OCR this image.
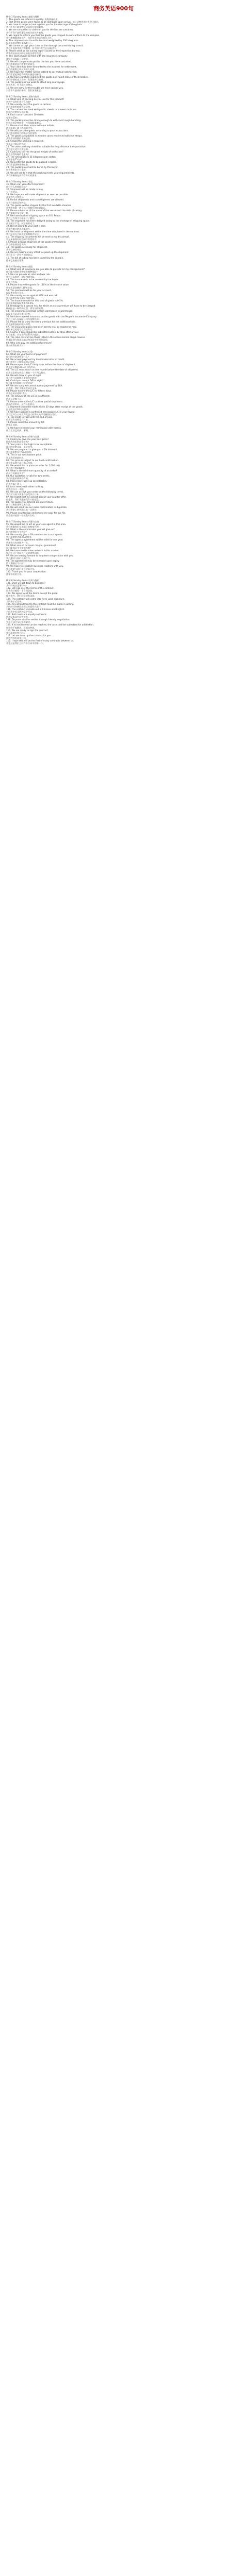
商务英语900句
Unit 1 Sundry items 索赔与理赔
1. The goods are inferior in quality. 货物质量低劣。
2. Part of the goods were found to be damaged upon arrival. 部分货物到达时发现已损坏。
3. We have to lodge a claim against you for the shortage of the goods.
我们不得不就货物短缺向你方提出索赔。
4. We are compelled to claim on you for the loss we sustained.
我们不得不就所遭受的损失向你方索赔。
5. We regret to inform you that the goods you shipped do not conform to the samples.
我们遗憾地通知你方，你们所发的货与样品不符。
6. The shipment was found to be short-weighted by 200 kilograms.
发现该批货物短重200公斤。
7. We cannot accept your claim as the damage occurred during transit.
我们不能接受你方的索赔，因为损坏发生在运输途中。
8. Please send us the survey report issued by the inspection bureau.
请将商检局出具的检验报告寄给我们。
9. The claim should be filed with the insurance company.
索赔应向保险公司提出。
10. We will compensate you for the loss you have sustained.
我们将赔偿你方所遭受的损失。
11. Your claim has been forwarded to the insurers for settlement.
你方的索赔已转交保险人处理。
12. We hope this matter will be settled to our mutual satisfaction.
我们希望此事能得到双方满意的解决。
13. We have carefully examined the goods and found many of them broken.
我们仔细检查了货物，发现很多已破损。
14. The packing is too weak to stand long sea voyage.
包装太差，经不起长途海运。
15. We are sorry for the trouble we have caused you.
对给你方造成的麻烦，我们深表歉意。
Unit 2 Sundry items 货物与包装
16. What kind of packing do you use for this product?
这种产品你们用什么包装？
17. We usually pack the goods in cartons.
我们通常用纸箱包装货物。
18. The cartons are lined with plastic sheets to prevent moisture.
纸箱内衬塑料布以防潮。
19. Each carton contains 10 dozen.
每箱装10打。
20. The packing must be strong enough to withstand rough handling.
包装必须足够结实，经得起粗暴搬运。
21. Please mark the cartons with our initials.
请在纸箱上刷上我们的代号。
22. We will pack the goods according to your instructions.
我们将按照你方的指示包装货物。
23. The goods are packed in wooden cases reinforced with iron straps.
货物用加铁箍的木箱包装。
24. Seaworthy packing is required.
要求适合海运的包装。
25. The outer packing should be suitable for long distance transportation.
外包装应适合长途运输。
26. Could you tell me the gross weight of each case?
能告诉我每箱的毛重吗？
27. The net weight is 25 kilograms per carton.
每箱净重25公斤。
28. We prefer the goods to be packed in bales.
我们希望货物用捆包装。
29. The packing cost will be borne by the buyer.
包装费用由买方承担。
30. We will see to it that the packing meets your requirements.
我们将确保包装符合你方的要求。
Unit 3 Sundry items 装运
31. When can you effect shipment?
你们什么时候能装运？
32. Shipment will be made in May.
五月份装运。
33. We hope you will make shipment as soon as possible.
希望你方尽快装运。
34. Partial shipments and transshipment are allowed.
允许分批装运和转运。
35. The goods will be shipped by the first available steamer.
货物将由第一艘可以订到舱位的轮船装运。
36. Please advise us of the name of the vessel and the date of sailing.
请告知船名及开航日期。
37. We have booked shipping space on S.S. Peace.
我们已在和平号轮上订了舱位。
38. The shipment has been delayed owing to the shortage of shipping space.
由于舱位不足，装运被推迟了。
39. Direct sailing to your port is rare.
到你方港口的直达船很少。
40. We insist on shipment within the time stipulated in the contract.
我们坚持在合同规定的期限内装运。
41. The shipping documents will be sent to you by airmail.
装运单据将以航空邮件寄给你方。
42. Please arrange shipment of the goods immediately.
请立即安排装运货物。
43. The goods are ready for shipment.
货物已备妥待运。
44. We are making every effort to speed up the shipment.
我们正尽一切努力加速装运。
45. The bill of lading has been signed by the captain.
提单已由船长签署。
Unit 4 Sundry items 保险
46. What kind of insurance are you able to provide for my consignment?
你们能为我的货物提供哪种保险？
47. We can provide all risks and war risk.
我们可以提供一切险和战争险。
48. The insurance is to be covered by the buyer.
由买方投保。
49. Please insure the goods for 110% of the invoice value.
请按发票金额的110%投保。
50. The premium will be for your account.
保险费由你方负担。
51. We usually insure against WPA and war risk.
我们通常投保水渍险和战争险。
52. The insurance rate for this kind of goods is 0.5%.
这种货物的保险费率为0.5%。
53. Breakage is a special risk, for which an extra premium will have to be charged.
破碎险是一种特殊险别，需另加保险费。
54. The insurance coverage is from warehouse to warehouse.
保险责任是从仓库到仓库。
55. We have covered insurance on the goods with the People's Insurance Company.
我们已向人民保险公司为货物投保。
56. Please let us know the extra premium for the additional risk.
请告知附加险的额外保费。
57. The insurance policy has been sent to you by registered mail.
保险单已用挂号信寄给你方。
58. Claims, if any, should be submitted within 30 days after arrival.
如有索赔，应在货到后30天内提出。
59. The risks covered are those listed in the ocean marine cargo clauses.
所保险别为海洋运输货物条款中所列的险别。
60. Who is to pay the additional premium?
额外保费由谁支付？
Unit 5 Sundry items 付款
61. What are your terms of payment?
你们的付款条件是什么？
62. We accept payment by irrevocable letter of credit.
我们接受不可撤销信用证付款。
63. Please open the L/C thirty days before the time of shipment.
请在装运期前30天开立信用证。
64. The L/C must reach us one month before the date of shipment.
信用证必须在装运日期前一个月到达我方。
65. We will draw on you at sight.
我们将开具即期汇票向你方收款。
66. Could you accept D/P at sight?
你们能接受即期付款交单吗？
67. We are sorry we cannot accept payment by D/A.
很抱歉，我们不能接受承兑交单。
68. Please extend the L/C for fifteen days.
请将信用证延期15天。
69. The amount of the L/C is insufficient.
信用证金额不足。
70. Please amend the L/C to allow partial shipments.
请修改信用证，允许分批装运。
71. Payment should be made within 30 days after receipt of the goods.
应在收货后30天内付款。
72. We have opened a confirmed irrevocable L/C in your favour.
我们已开立以你方为受益人的保兑的不可撤销信用证。
73. The credit is valid until the end of June.
信用证有效期至六月底。
74. Please remit the amount by T/T.
请电汇该款。
75. We have received your remittance with thanks.
你方汇款已收到，谢谢。
Unit 6 Sundry items 价格与订货
76. Could you give me your best price?
能给我你们的最低价吗？
77. Your price is too high to be acceptable.
你们的价格太高，无法接受。
78. We are prepared to give you a 5% discount.
我们准备给你方5%的折扣。
79. This is our rock-bottom price.
这是我们的最低价。
80. The price is subject to our final confirmation.
该价格以我方最后确认为准。
81. We would like to place an order for 1,000 sets.
我们想订购1000套。
82. What is the minimum quantity of an order?
最低订货量是多少？
83. Our quotation is valid for two weeks.
我们的报价两周内有效。
84. Prices have gone up considerably.
价格大幅上涨了。
85. Let's meet each other halfway.
让我们各让一半吧。
86. We can accept your order on the following terms.
我们可以按下列条件接受你方订单。
87. We regret that we cannot accept your counter-offer.
很抱歉，我们不能接受你方的还盘。
88. The goods you ordered are out of stock.
你方订购的货物已无存货。
89. We will send you our sales confirmation in duplicate.
我们将寄上销售确认书一式两份。
90. Please countersign and return one copy for our file.
请会签并退回一份供我方存档。
Unit 7 Sundry items 代理与合作
91. We would like to act as your sole agent in this area.
我们想做你们在该地区的独家代理。
92. What is the commission you will give us?
你们给我们多少佣金？
93. We usually give a 3% commission to our agents.
我们通常给代理3%的佣金。
94. The agency agreement will be valid for one year.
代理协议有效期为一年。
95. What annual turnover can you guarantee?
你们能保证多少年销售额？
96. We have a wide sales network in this market.
我们在这个市场有广泛的销售网络。
97. We are looking forward to long-term cooperation with you.
我们期待与你们长期合作。
98. The agreement may be renewed upon expiry.
协议期满后可以续订。
99. We hope to establish business relations with you.
我们希望与你们建立业务关系。
100. Thank you for your cooperation.
感谢你们的合作。
Unit 8 Sundry items 谈判与签约
101. Shall we get down to business?
我们开始谈正事好吗？
102. Let's go over the terms of the contract.
让我们仔细看一下合同条款。
103. We agree to all the terms except the price.
除价格外，我们同意所有条款。
104. The contract will come into force upon signature.
合同签字后生效。
105. Any amendment to the contract must be made in writing.
合同的任何修改必须以书面形式进行。
106. The contract is made out in Chinese and English.
合同用中英文两种文字写成。
107. Both texts are equally authentic.
两种文本具有同等效力。
108. Disputes shall be settled through friendly negotiation.
争议应通过友好协商解决。
109. If no settlement can be reached, the case shall be submitted for arbitration.
如协商不能解决，应提交仲裁。
110. We are ready to sign the contract.
我们准备好签合同了。
111. Let me draw up the contract for you.
让我为你们起草合同。
112. I hope this will be the first of many contracts between us.
希望这是我们之间许多合同中的第一个。
